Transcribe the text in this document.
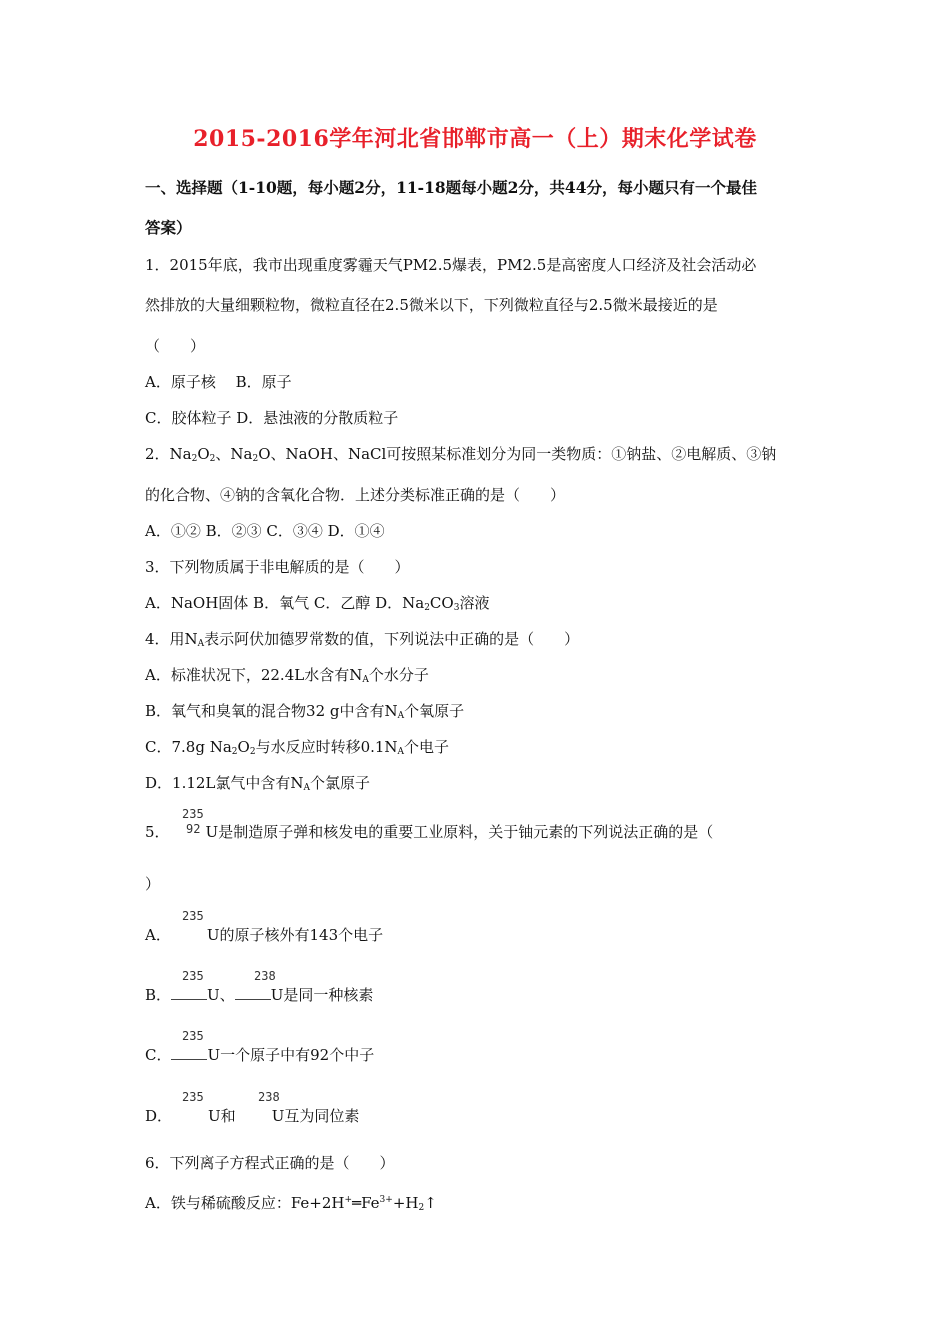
2015-2016学年河北省邯郸市高一（上）期末化学试卷
一、选择题（1-10题，每小题2分，11-18题每小题2分，共44分，每小题只有一个最佳
答案）
1．2015年底，我市出现重度雾霾天气PM2.5爆表，PM2.5是高密度人口经济及社会活动必
然排放的大量细颗粒物，微粒直径在2.5微米以下，下列微粒直径与2.5微米最接近的是
（　　）
A．原子核　 B．原子
C．胶体粒子 D．悬浊液的分散质粒子
2．$Na_2O_2$、$Na_2O$、NaOH、NaCl可按照某标准划分为同一类物质：①钠盐、②电解质、③钠
的化合物、④钠的含氧化合物．上述分类标准正确的是（　　）
A．①② B．②③ C．③④ D．①④
3．下列物质属于非电解质的是（　　）
A．NaOH固体 B．氧气 C．乙醇 D．$Na_2CO_3$溶液
4．用$N_A$表示阿伏加德罗常数的值，下列说法中正确的是（　　）
A．标准状况下，22.4L水含有$N_A$个水分子
B．氧气和臭氧的混合物32 g中含有$N_A$个氧原子
C．7.8g $Na_2O_2$与水反应时转移$0.1N_A$个电子
D．1.12L氯气中含有$N_A$个氯原子
235
92
5． U是制造原子弹和核发电的重要工业原料，关于铀元素的下列说法正确的是（
）
235
A． U的原子核外有143个电子
235	238
B． U、 U是同一种核素
235
C． U一个原子中有92个中子
235	238
D． U和 U互为同位素
6．下列离子方程式正确的是（　　）
A．铁与稀硫酸反应：$Fe+2H^+═Fe^{3+}+H_2↑$
